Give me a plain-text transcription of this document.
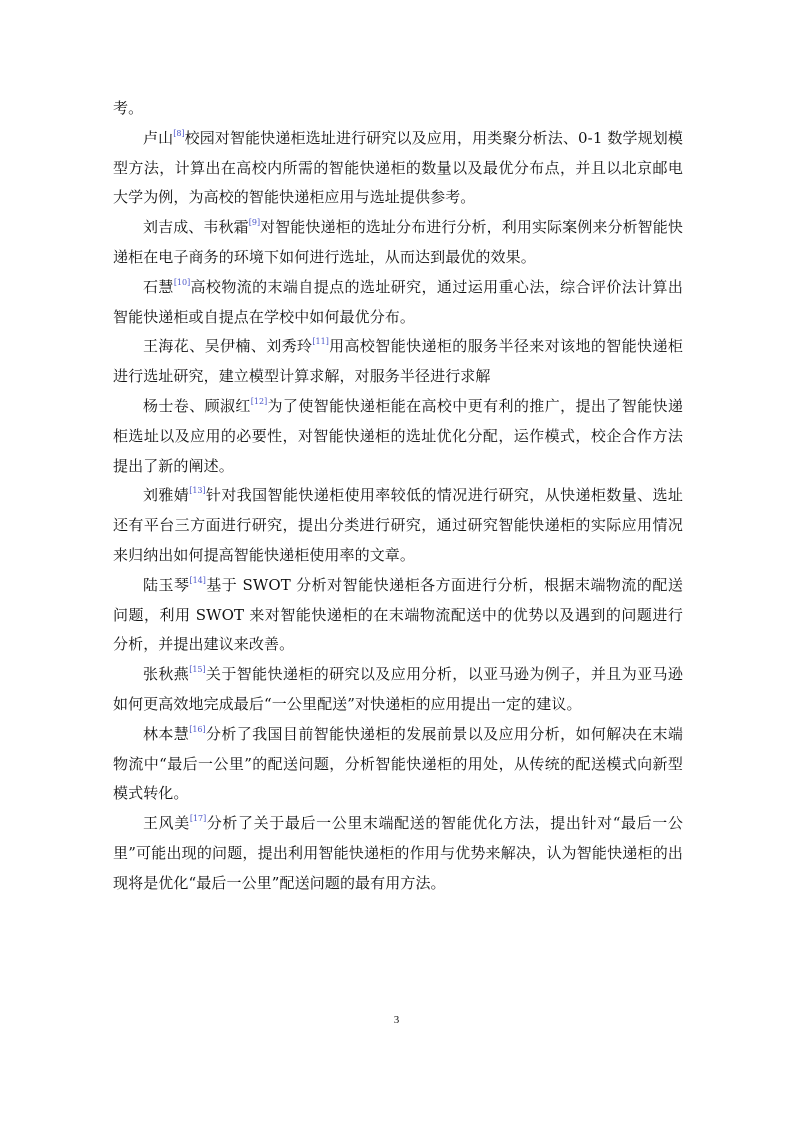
考。

卢山[8]校园对智能快递柜选址进行研究以及应用，用类聚分析法、0-1 数学规划模型方法，计算出在高校内所需的智能快递柜的数量以及最优分布点，并且以北京邮电大学为例，为高校的智能快递柜应用与选址提供参考。

刘吉成、韦秋霜[9]对智能快递柜的选址分布进行分析，利用实际案例来分析智能快递柜在电子商务的环境下如何进行选址，从而达到最优的效果。

石慧[10]高校物流的末端自提点的选址研究，通过运用重心法，综合评价法计算出智能快递柜或自提点在学校中如何最优分布。

王海花、吴伊楠、刘秀玲[11]用高校智能快递柜的服务半径来对该地的智能快递柜进行选址研究，建立模型计算求解，对服务半径进行求解

杨士卷、顾淑红[12]为了使智能快递柜能在高校中更有利的推广，提出了智能快递柜选址以及应用的必要性，对智能快递柜的选址优化分配，运作模式，校企合作方法提出了新的阐述。

刘雅婧[13]针对我国智能快递柜使用率较低的情况进行研究，从快递柜数量、选址还有平台三方面进行研究，提出分类进行研究，通过研究智能快递柜的实际应用情况来归纳出如何提高智能快递柜使用率的文章。

陆玉琴[14]基于 SWOT 分析对智能快递柜各方面进行分析，根据末端物流的配送问题，利用 SWOT 来对智能快递柜的在末端物流配送中的优势以及遇到的问题进行分析，并提出建议来改善。

张秋燕[15]关于智能快递柜的研究以及应用分析，以亚马逊为例子，并且为亚马逊如何更高效地完成最后“一公里配送”对快递柜的应用提出一定的建议。

林本慧[16]分析了我国目前智能快递柜的发展前景以及应用分析，如何解决在末端物流中“最后一公里”的配送问题，分析智能快递柜的用处，从传统的配送模式向新型模式转化。

王风美[17]分析了关于最后一公里末端配送的智能优化方法，提出针对“最后一公里”可能出现的问题，提出利用智能快递柜的作用与优势来解决，认为智能快递柜的出现将是优化“最后一公里”配送问题的最有用方法。

3
